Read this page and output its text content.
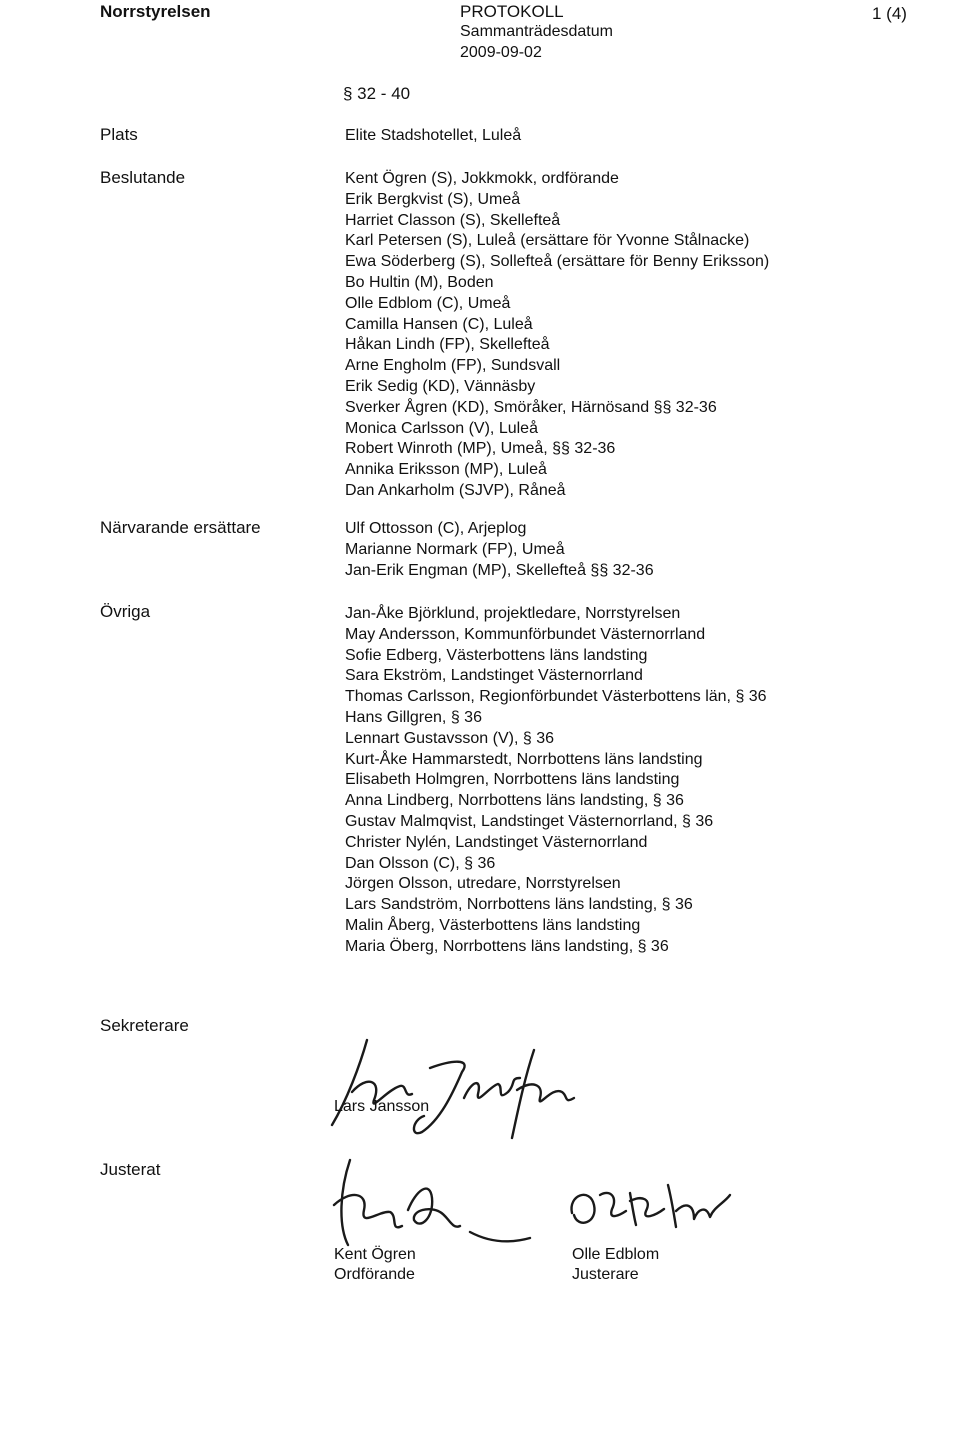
Norrstyrelsen	PROTOKOLL
Sammanträdesdatum
2009-09-02
1 (4)
§ 32 - 40
Plats	Elite Stadshotellet, Luleå
Beslutande	Kent Ögren (S), Jokkmokk, ordförande
Erik Bergkvist (S), Umeå
Harriet Classon (S), Skellefteå
Karl Petersen (S), Luleå (ersättare för Yvonne Stålnacke)
Ewa Söderberg (S), Sollefteå (ersättare för Benny Eriksson)
Bo Hultin (M), Boden
Olle Edblom (C), Umeå
Camilla Hansen (C), Luleå
Håkan Lindh (FP), Skellefteå
Arne Engholm (FP), Sundsvall
Erik Sedig (KD), Vännäsby
Sverker Ågren (KD), Smöråker, Härnösand §§ 32-36
Monica Carlsson (V), Luleå
Robert Winroth (MP), Umeå, §§ 32-36
Annika Eriksson (MP), Luleå
Dan Ankarholm (SJVP), Råneå
Närvarande ersättare	Ulf Ottosson (C), Arjeplog
Marianne Normark (FP), Umeå
Jan-Erik Engman (MP), Skellefteå §§ 32-36
Övriga	Jan-Åke Björklund, projektledare, Norrstyrelsen
May Andersson, Kommunförbundet Västernorrland
Sofie Edberg, Västerbottens läns landsting
Sara Ekström, Landstinget Västernorrland
Thomas Carlsson, Regionförbundet Västerbottens län, § 36
Hans Gillgren, § 36
Lennart Gustavsson (V), § 36
Kurt-Åke Hammarstedt, Norrbottens läns landsting
Elisabeth Holmgren, Norrbottens läns landsting
Anna Lindberg, Norrbottens läns landsting, § 36
Gustav Malmqvist, Landstinget Västernorrland, § 36
Christer Nylén, Landstinget Västernorrland
Dan Olsson (C), § 36
Jörgen Olsson, utredare, Norrstyrelsen
Lars Sandström, Norrbottens läns landsting, § 36
Malin Åberg, Västerbottens läns landsting
Maria Öberg, Norrbottens läns landsting, § 36
Sekreterare
Lars Jansson
Justerat
Kent Ögren
Ordförande
Olle Edblom
Justerare
